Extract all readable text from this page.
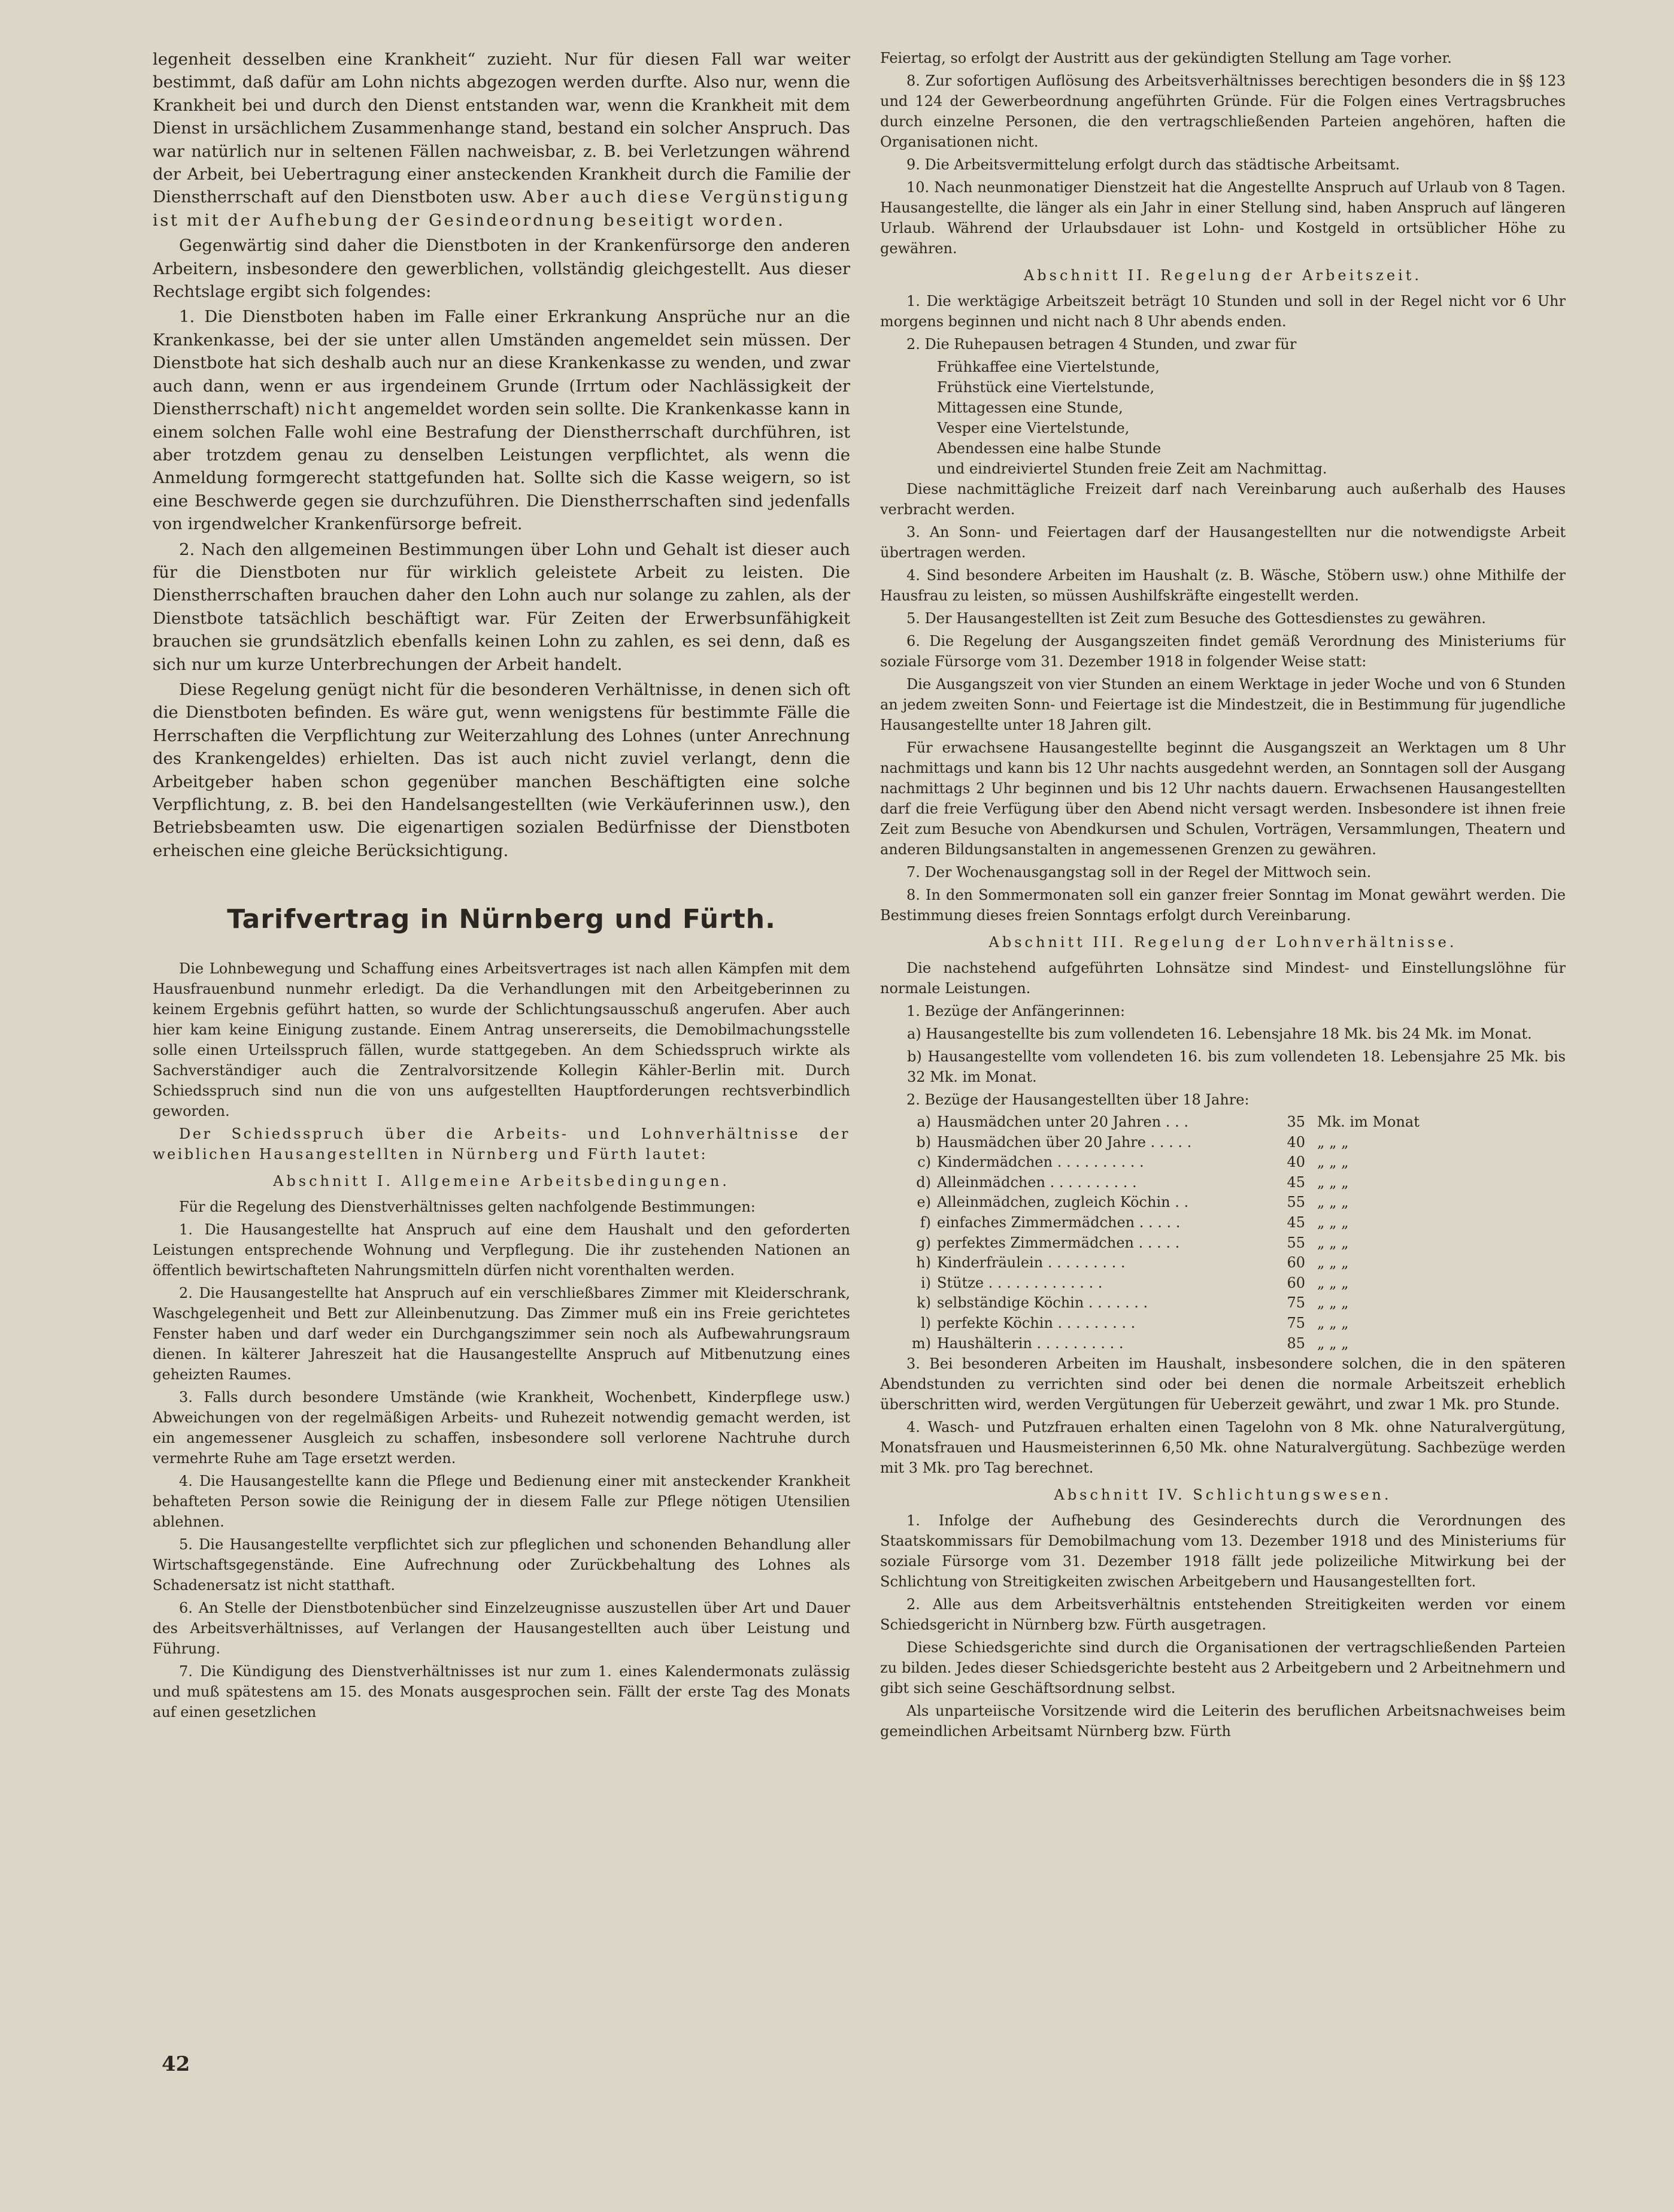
legenheit desselben eine Krankheit“ zuzieht. Nur für diesen Fall war weiter bestimmt, daß dafür am Lohn nichts abgezogen werden durfte. Also nur, wenn die Krankheit bei und durch den Dienst entstanden war, wenn die Krankheit mit dem Dienst in ursächlichem Zusammenhange stand, bestand ein solcher Anspruch. Das war natürlich nur in seltenen Fällen nachweisbar, z. B. bei Verletzungen während der Arbeit, bei Uebertragung einer ansteckenden Krankheit durch die Familie der Dienstherrschaft auf den Dienstboten usw. Aber auch diese Vergünstigung ist mit der Aufhebung der Gesindeordnung beseitigt worden.

Gegenwärtig sind daher die Dienstboten in der Krankenfürsorge den anderen Arbeitern, insbesondere den gewerblichen, vollständig gleichgestellt. Aus dieser Rechtslage ergibt sich folgendes:

1. Die Dienstboten haben im Falle einer Erkrankung Ansprüche nur an die Krankenkasse, bei der sie unter allen Umständen angemeldet sein müssen. Der Dienstbote hat sich deshalb auch nur an diese Krankenkasse zu wenden, und zwar auch dann, wenn er aus irgendeinem Grunde (Irrtum oder Nachlässigkeit der Dienstherrschaft) nicht angemeldet worden sein sollte. Die Krankenkasse kann in einem solchen Falle wohl eine Bestrafung der Dienstherrschaft durchführen, ist aber trotzdem genau zu denselben Leistungen verpflichtet, als wenn die Anmeldung formgerecht stattgefunden hat. Sollte sich die Kasse weigern, so ist eine Beschwerde gegen sie durchzuführen. Die Dienstherrschaften sind jedenfalls von irgendwelcher Krankenfürsorge befreit.

2. Nach den allgemeinen Bestimmungen über Lohn und Gehalt ist dieser auch für die Dienstboten nur für wirklich geleistete Arbeit zu leisten. Die Dienstherrschaften brauchen daher den Lohn auch nur solange zu zahlen, als der Dienstbote tatsächlich beschäftigt war. Für Zeiten der Erwerbsunfähigkeit brauchen sie grundsätzlich ebenfalls keinen Lohn zu zahlen, es sei denn, daß es sich nur um kurze Unterbrechungen der Arbeit handelt.

Diese Regelung genügt nicht für die besonderen Verhältnisse, in denen sich oft die Dienstboten befinden. Es wäre gut, wenn wenigstens für bestimmte Fälle die Herrschaften die Verpflichtung zur Weiterzahlung des Lohnes (unter Anrechnung des Krankengeldes) erhielten. Das ist auch nicht zuviel verlangt, denn die Arbeitgeber haben schon gegenüber manchen Beschäftigten eine solche Verpflichtung, z. B. bei den Handelsangestellten (wie Verkäuferinnen usw.), den Betriebsbeamten usw. Die eigenartigen sozialen Bedürfnisse der Dienstboten erheischen eine gleiche Berücksichtigung.

Tarifvertrag in Nürnberg und Fürth.

Die Lohnbewegung und Schaffung eines Arbeitsvertrages ist nach allen Kämpfen mit dem Hausfrauenbund nunmehr erledigt. Da die Verhandlungen mit den Arbeitgeberinnen zu keinem Ergebnis geführt hatten, so wurde der Schlichtungsausschuß angerufen. Aber auch hier kam keine Einigung zustande. Einem Antrag unsererseits, die Demobilmachungsstelle solle einen Urteilsspruch fällen, wurde stattgegeben. An dem Schiedsspruch wirkte als Sachverständiger auch die Zentralvorsitzende Kollegin Kähler-Berlin mit. Durch Schiedsspruch sind nun die von uns aufgestellten Hauptforderungen rechtsverbindlich geworden.

Der Schiedsspruch über die Arbeits- und Lohnverhältnisse der weiblichen Hausangestellten in Nürnberg und Fürth lautet:

Abschnitt I. Allgemeine Arbeitsbedingungen.

Für die Regelung des Dienstverhältnisses gelten nachfolgende Bestimmungen:

1. Die Hausangestellte hat Anspruch auf eine dem Haushalt und den geforderten Leistungen entsprechende Wohnung und Verpflegung. Die ihr zustehenden Nationen an öffentlich bewirtschafteten Nahrungsmitteln dürfen nicht vorenthalten werden.

2. Die Hausangestellte hat Anspruch auf ein verschließbares Zimmer mit Kleiderschrank, Waschgelegenheit und Bett zur Alleinbenutzung. Das Zimmer muß ein ins Freie gerichtetes Fenster haben und darf weder ein Durchgangszimmer sein noch als Aufbewahrungsraum dienen. In kälterer Jahreszeit hat die Hausangestellte Anspruch auf Mitbenutzung eines geheizten Raumes.

3. Falls durch besondere Umstände (wie Krankheit, Wochenbett, Kinderpflege usw.) Abweichungen von der regelmäßigen Arbeits- und Ruhezeit notwendig gemacht werden, ist ein angemessener Ausgleich zu schaffen, insbesondere soll verlorene Nachtruhe durch vermehrte Ruhe am Tage ersetzt werden.

4. Die Hausangestellte kann die Pflege und Bedienung einer mit ansteckender Krankheit behafteten Person sowie die Reinigung der in diesem Falle zur Pflege nötigen Utensilien ablehnen.

5. Die Hausangestellte verpflichtet sich zur pfleglichen und schonenden Behandlung aller Wirtschaftsgegenstände. Eine Aufrechnung oder Zurückbehaltung des Lohnes als Schadenersatz ist nicht statthaft.

6. An Stelle der Dienstbotenbücher sind Einzelzeugnisse auszustellen über Art und Dauer des Arbeitsverhältnisses, auf Verlangen der Hausangestellten auch über Leistung und Führung.

7. Die Kündigung des Dienstverhältnisses ist nur zum 1. eines Kalendermonats zulässig und muß spätestens am 15. des Monats ausgesprochen sein. Fällt der erste Tag des Monats auf einen gesetzlichen

Feiertag, so erfolgt der Austritt aus der gekündigten Stellung am Tage vorher.

8. Zur sofortigen Auflösung des Arbeitsverhältnisses berechtigen besonders die in §§ 123 und 124 der Gewerbeordnung angeführten Gründe. Für die Folgen eines Vertragsbruches durch einzelne Personen, die den vertragschließenden Parteien angehören, haften die Organisationen nicht.

9. Die Arbeitsvermittelung erfolgt durch das städtische Arbeitsamt.

10. Nach neunmonatiger Dienstzeit hat die Angestellte Anspruch auf Urlaub von 8 Tagen. Hausangestellte, die länger als ein Jahr in einer Stellung sind, haben Anspruch auf längeren Urlaub. Während der Urlaubsdauer ist Lohn- und Kostgeld in ortsüblicher Höhe zu gewähren.

Abschnitt II. Regelung der Arbeitszeit.

1. Die werktägige Arbeitszeit beträgt 10 Stunden und soll in der Regel nicht vor 6 Uhr morgens beginnen und nicht nach 8 Uhr abends enden.

2. Die Ruhepausen betragen 4 Stunden, und zwar für

Frühkaffee eine Viertelstunde,
Frühstück eine Viertelstunde,
Mittagessen eine Stunde,
Vesper eine Viertelstunde,
Abendessen eine halbe Stunde
und eindreiviertel Stunden freie Zeit am Nachmittag.

Diese nachmittägliche Freizeit darf nach Vereinbarung auch außerhalb des Hauses verbracht werden.

3. An Sonn- und Feiertagen darf der Hausangestellten nur die notwendigste Arbeit übertragen werden.

4. Sind besondere Arbeiten im Haushalt (z. B. Wäsche, Stöbern usw.) ohne Mithilfe der Hausfrau zu leisten, so müssen Aushilfskräfte eingestellt werden.

5. Der Hausangestellten ist Zeit zum Besuche des Gottesdienstes zu gewähren.

6. Die Regelung der Ausgangszeiten findet gemäß Verordnung des Ministeriums für soziale Fürsorge vom 31. Dezember 1918 in folgender Weise statt:

Die Ausgangszeit von vier Stunden an einem Werktage in jeder Woche und von 6 Stunden an jedem zweiten Sonn- und Feiertage ist die Mindestzeit, die in Bestimmung für jugendliche Hausangestellte unter 18 Jahren gilt.

Für erwachsene Hausangestellte beginnt die Ausgangszeit an Werktagen um 8 Uhr nachmittags und kann bis 12 Uhr nachts ausgedehnt werden, an Sonntagen soll der Ausgang nachmittags 2 Uhr beginnen und bis 12 Uhr nachts dauern. Erwachsenen Hausangestellten darf die freie Verfügung über den Abend nicht versagt werden. Insbesondere ist ihnen freie Zeit zum Besuche von Abendkursen und Schulen, Vorträgen, Versammlungen, Theatern und anderen Bildungsanstalten in angemessenen Grenzen zu gewähren.

7. Der Wochenausgangstag soll in der Regel der Mittwoch sein.

8. In den Sommermonaten soll ein ganzer freier Sonntag im Monat gewährt werden. Die Bestimmung dieses freien Sonntags erfolgt durch Vereinbarung.

Abschnitt III. Regelung der Lohnverhältnisse.

Die nachstehend aufgeführten Lohnsätze sind Mindest- und Einstellungslöhne für normale Leistungen.

1. Bezüge der Anfängerinnen:

a) Hausangestellte bis zum vollendeten 16. Lebensjahre 18 Mk. bis 24 Mk. im Monat.

b) Hausangestellte vom vollendeten 16. bis zum vollendeten 18. Lebensjahre 25 Mk. bis 32 Mk. im Monat.

2. Bezüge der Hausangestellten über 18 Jahre:

a) Hausmädchen unter 20 Jahren . . .	35 Mk. im Monat
b) Hausmädchen über 20 Jahre . . . . .	40 „ „ „
c) Kindermädchen . . . . . . . . . .	40 „ „ „
d) Alleinmädchen . . . . . . . . . .	45 „ „ „
e) Alleinmädchen, zugleich Köchin . .	55 „ „ „
f) einfaches Zimmermädchen . . . . .	45 „ „ „
g) perfektes Zimmermädchen . . . . .	55 „ „ „
h) Kinderfräulein . . . . . . . . .	60 „ „ „
i) Stütze . . . . . . . . . . . . .	60 „ „ „
k) selbständige Köchin . . . . . . .	75 „ „ „
l) perfekte Köchin . . . . . . . . .	75 „ „ „
m) Haushälterin . . . . . . . . . .	85 „ „ „

3. Bei besonderen Arbeiten im Haushalt, insbesondere solchen, die in den späteren Abendstunden zu verrichten sind oder bei denen die normale Arbeitszeit erheblich überschritten wird, werden Vergütungen für Ueberzeit gewährt, und zwar 1 Mk. pro Stunde.

4. Wasch- und Putzfrauen erhalten einen Tagelohn von 8 Mk. ohne Naturalvergütung, Monatsfrauen und Hausmeisterinnen 6,50 Mk. ohne Naturalvergütung. Sachbezüge werden mit 3 Mk. pro Tag berechnet.

Abschnitt IV. Schlichtungswesen.

1. Infolge der Aufhebung des Gesinderechts durch die Verordnungen des Staatskommissars für Demobilmachung vom 13. Dezember 1918 und des Ministeriums für soziale Fürsorge vom 31. Dezember 1918 fällt jede polizeiliche Mitwirkung bei der Schlichtung von Streitigkeiten zwischen Arbeitgebern und Hausangestellten fort.

2. Alle aus dem Arbeitsverhältnis entstehenden Streitigkeiten werden vor einem Schiedsgericht in Nürnberg bzw. Fürth ausgetragen.

Diese Schiedsgerichte sind durch die Organisationen der vertragschließenden Parteien zu bilden. Jedes dieser Schiedsgerichte besteht aus 2 Arbeitgebern und 2 Arbeitnehmern und gibt sich seine Geschäftsordnung selbst.

Als unparteiische Vorsitzende wird die Leiterin des beruflichen Arbeitsnachweises beim gemeindlichen Arbeitsamt Nürnberg bzw. Fürth

42
